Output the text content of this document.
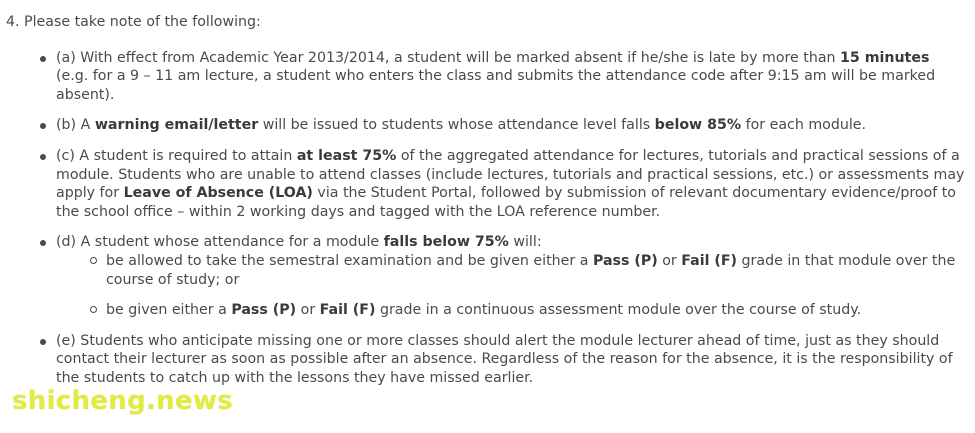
4. Please take note of the following:
(a) With effect from Academic Year 2013/2014, a student will be marked absent if he/she is late by more than 15 minutes (e.g. for a 9 – 11 am lecture, a student who enters the class and submits the attendance code after 9:15 am will be marked absent).
(b) A warning email/letter will be issued to students whose attendance level falls below 85% for each module.
(c) A student is required to attain at least 75% of the aggregated attendance for lectures, tutorials and practical sessions of a module. Students who are unable to attend classes (include lectures, tutorials and practical sessions, etc.) or assessments may apply for Leave of Absence (LOA) via the Student Portal, followed by submission of relevant documentary evidence/proof to the school office – within 2 working days and tagged with the LOA reference number.
(d) A student whose attendance for a module falls below 75% will:
be allowed to take the semestral examination and be given either a Pass (P) or Fail (F) grade in that module over the course of study; or
be given either a Pass (P) or Fail (F) grade in a continuous assessment module over the course of study.
(e) Students who anticipate missing one or more classes should alert the module lecturer ahead of time, just as they should contact their lecturer as soon as possible after an absence. Regardless of the reason for the absence, it is the responsibility of the students to catch up with the lessons they have missed earlier.
shicheng.news
